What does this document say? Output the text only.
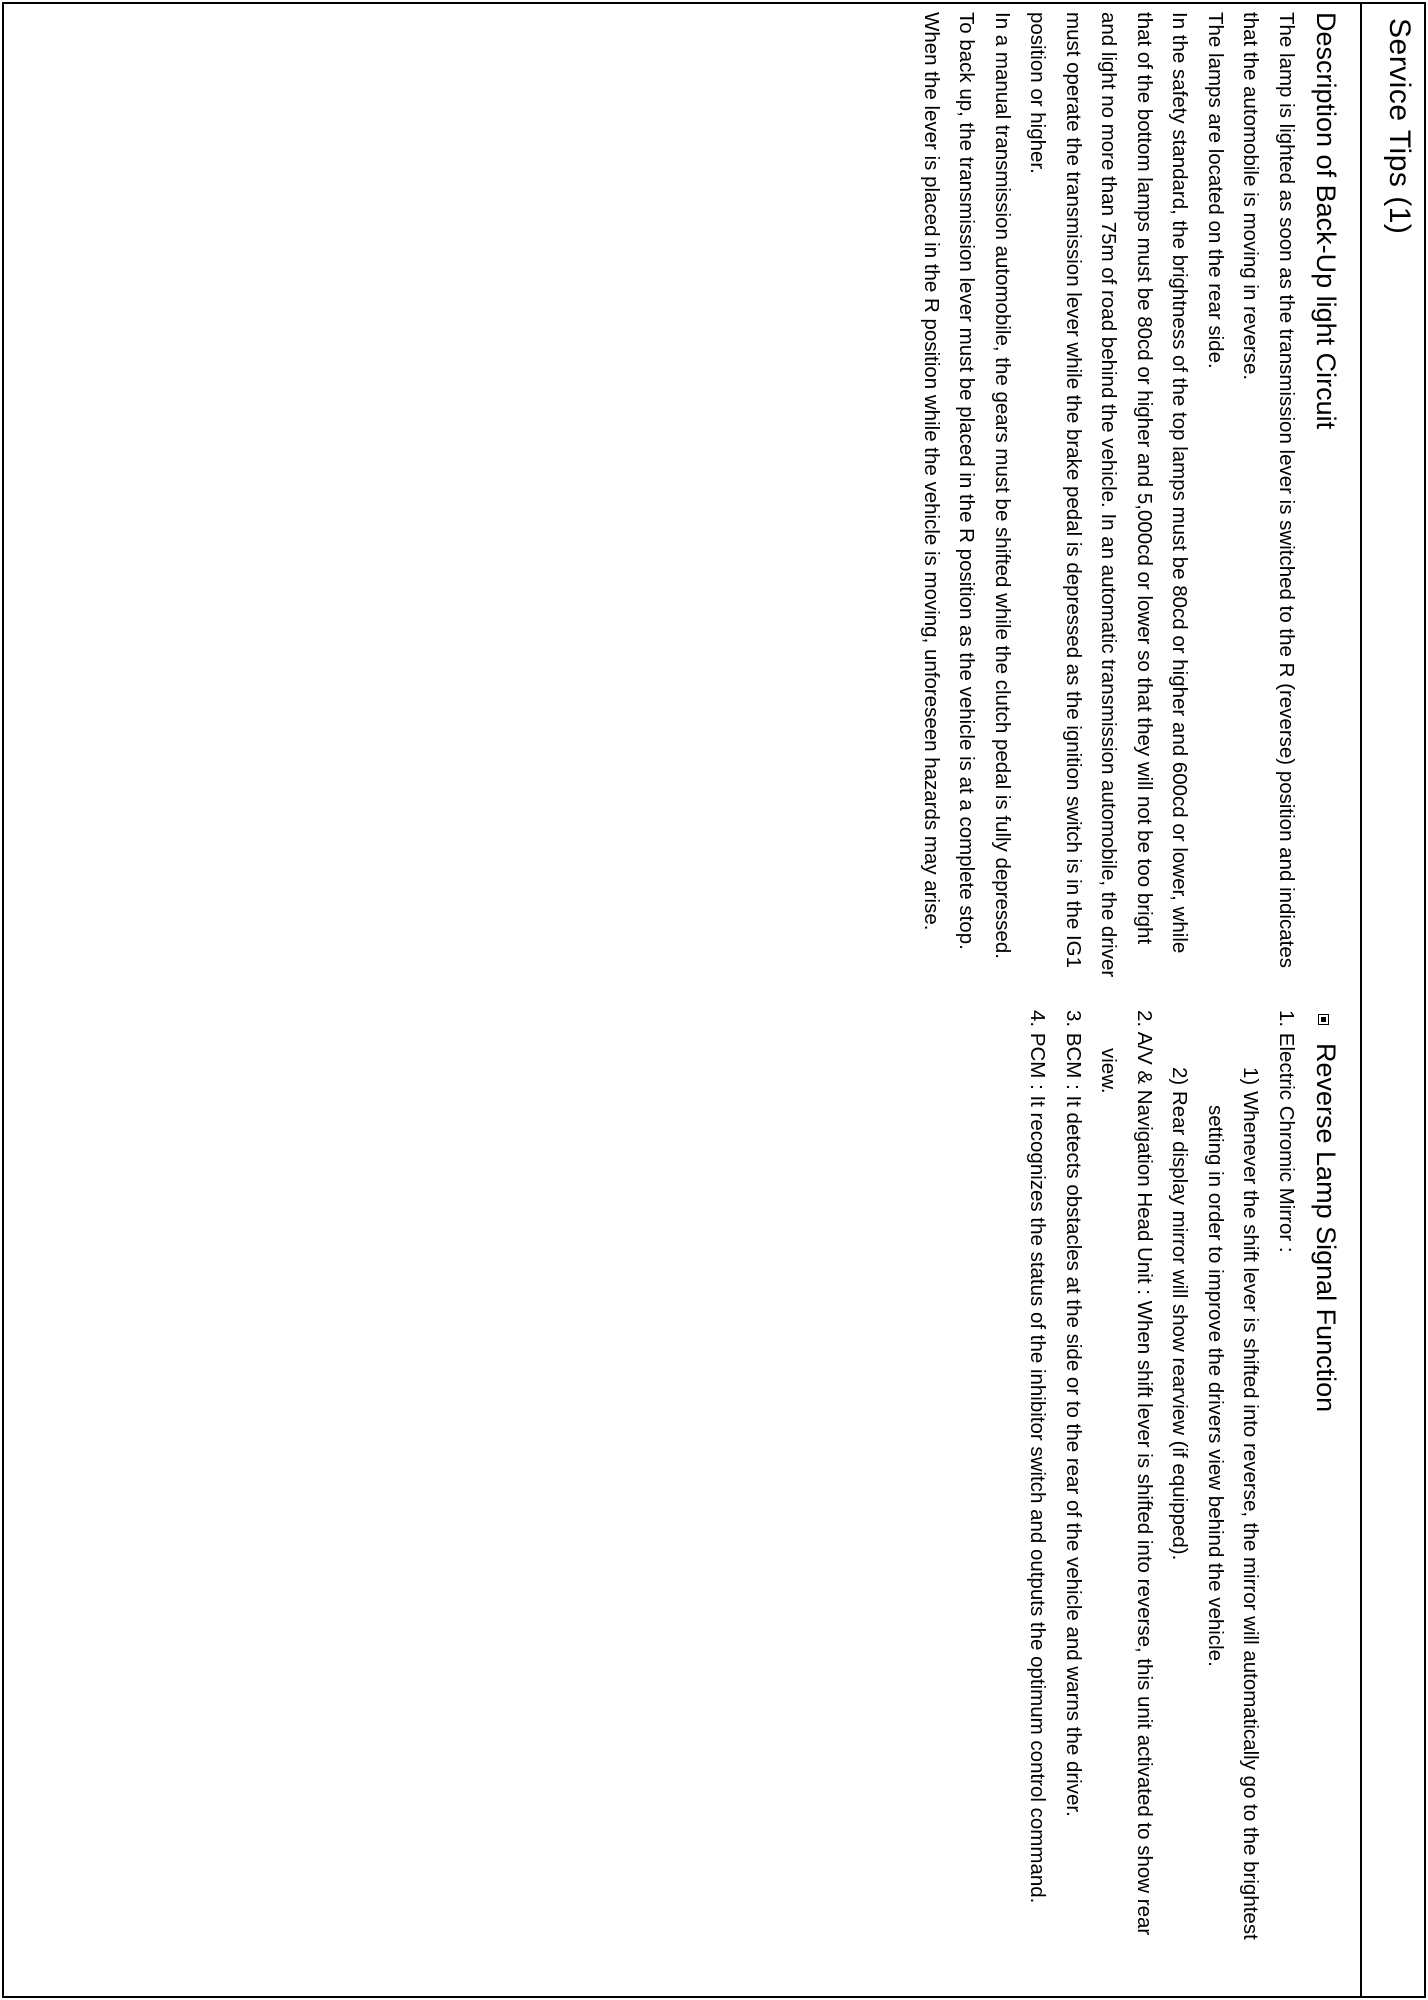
Service Tips (1)
Description of Back-Up light Circuit

The lamp is lighted as soon as the transmission lever is switched to the R (reverse) position and indicates that the automobile is moving in reverse.

The lamps are located on the rear side.

In the safety standard, the brightness of the top lamps must be 80cd or higher and 600cd or lower, while that of the bottom lamps must be 80cd or higher and 5,000cd or lower so that they will not be too bright and light no more than 75m of road behind the vehicle. In an automatic transmission automobile, the driver must operate the transmission lever while the brake pedal is depressed as the ignition switch is in the IG1 position or higher.

In a manual transmission automobile, the gears must be shifted while the clutch pedal is fully depressed.

To back up, the transmission lever must be placed in the R position as the vehicle is at a complete stop. When the lever is placed in the R position while the vehicle is moving, unforeseen hazards may arise.

Reverse Lamp Signal Function

1. Electric Chromic Mirror :

1) Whenever the shift lever is shifted into reverse, the mirror will automatically go to the brightest setting in order to improve the drivers view behind the vehicle.

2) Rear display mirror will show rearview (if equipped).

2. A/V & Navigation Head Unit : When shift lever is shifted into reverse, this unit activated to show rear view.

3. BCM : It detects obstacles at the side or to the rear of the vehicle and warns the driver.

4. PCM : It recognizes the status of the inhibitor switch and outputs the optimum control command.
